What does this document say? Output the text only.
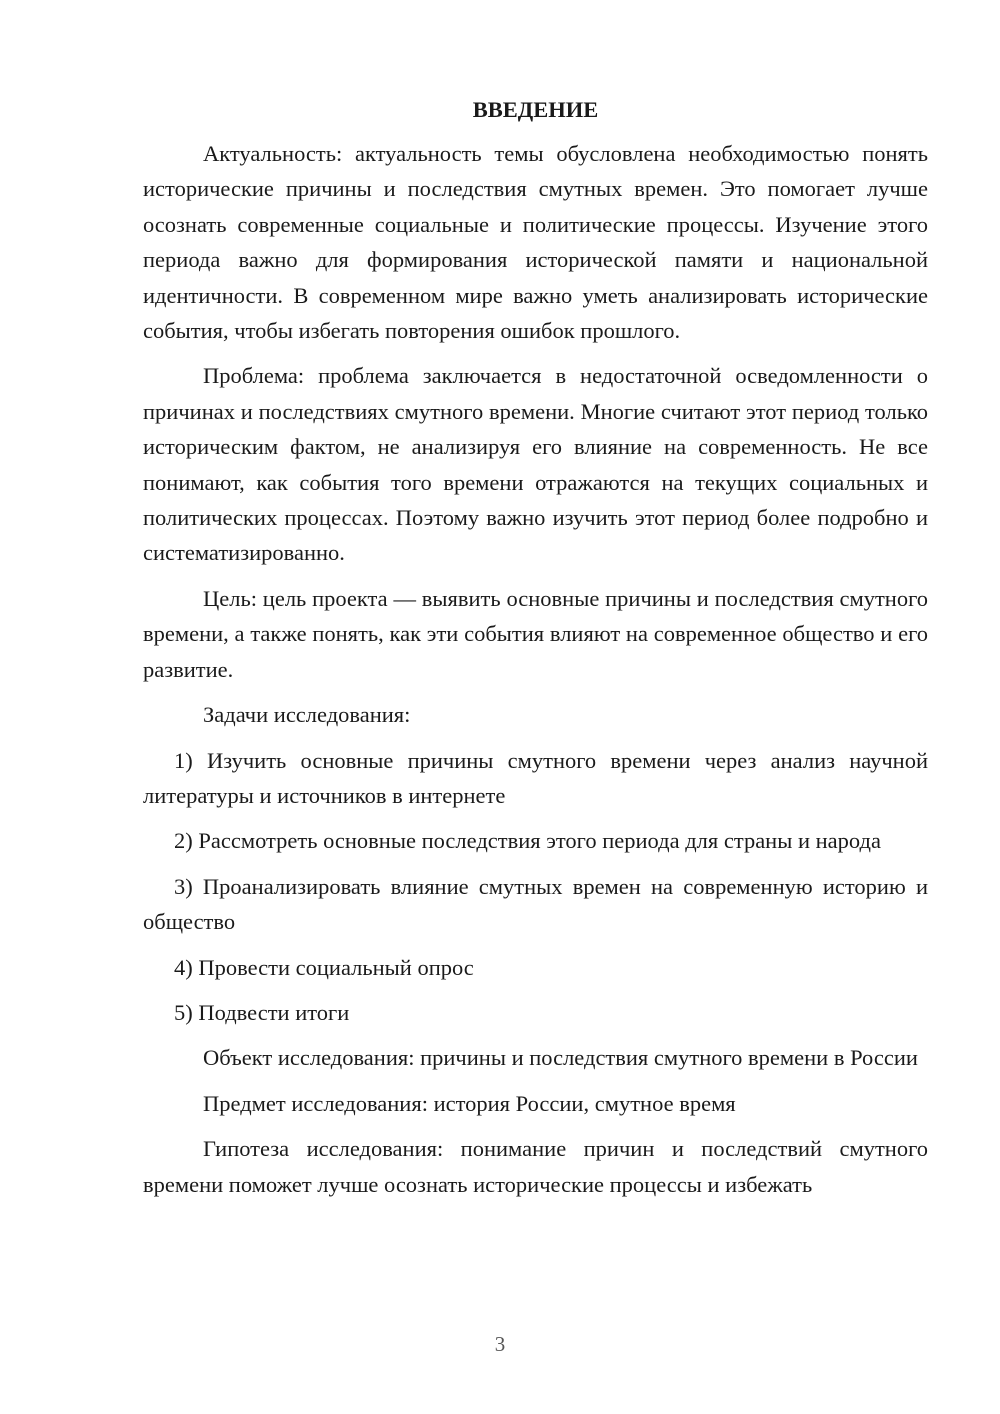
ВВЕДЕНИЕ

Актуальность: актуальность темы обусловлена необходимостью понять исторические причины и последствия смутных времен. Это помогает лучше осознать современные социальные и политические процессы. Изучение этого периода важно для формирования исторической памяти и национальной идентичности. В современном мире важно уметь анализировать исторические события, чтобы избегать повторения ошибок прошлого.

Проблема: проблема заключается в недостаточной осведомленности о причинах и последствиях смутного времени. Многие считают этот период только историческим фактом, не анализируя его влияние на современность. Не все понимают, как события того времени отражаются на текущих социальных и политических процессах. Поэтому важно изучить этот период более подробно и систематизированно.

Цель: цель проекта — выявить основные причины и последствия смутного времени, а также понять, как эти события влияют на современное общество и его развитие.

Задачи исследования:

1) Изучить основные причины смутного времени через анализ научной литературы и источников в интернете

2) Рассмотреть основные последствия этого периода для страны и народа

3) Проанализировать влияние смутных времен на современную историю и общество

4) Провести социальный опрос

5) Подвести итоги

Объект исследования: причины и последствия смутного времени в России

Предмет исследования: история России, смутное время

Гипотеза исследования: понимание причин и последствий смутного времени поможет лучше осознать исторические процессы и избежать

3
